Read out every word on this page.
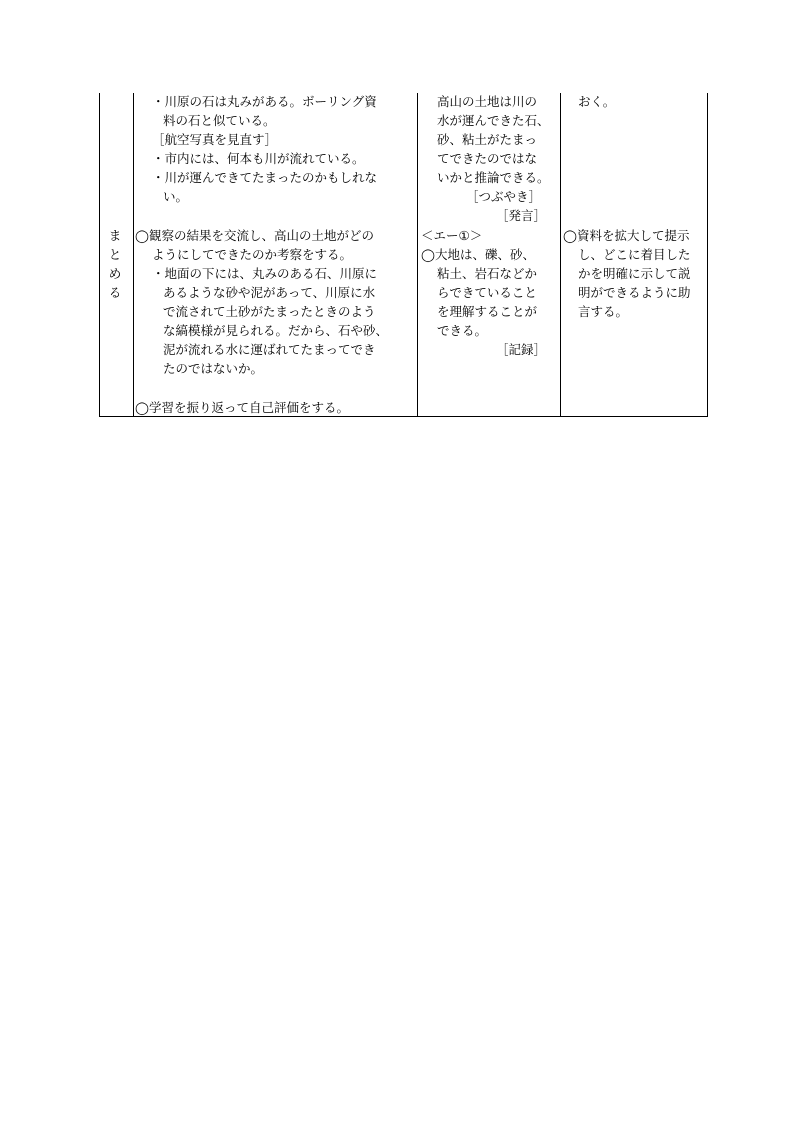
ま
と
め
る
・川原の石は丸みがある。ボーリング資
料の石と似ている。
［航空写真を見直す］
・市内には、何本も川が流れている。
・川が運んできてたまったのかもしれな
い。
◯観察の結果を交流し、高山の土地がどの
ようにしてできたのか考察をする。
・地面の下には、丸みのある石、川原に
あるような砂や泥があって、川原に水
で流されて土砂がたまったときのよう
な縞模様が見られる。だから、石や砂、
泥が流れる水に運ばれてたまってでき
たのではないか。
◯学習を振り返って自己評価をする。
高山の土地は川の
水が運んできた石、
砂、粘土がたまっ
てできたのではな
いかと推論できる。
［つぶやき］
［発言］
＜エー①＞
◯大地は、礫、砂、
粘土、岩石などか
らできていること
を理解することが
できる。
［記録］
おく。
◯資料を拡大して提示
し、どこに着目した
かを明確に示して説
明ができるように助
言する。
